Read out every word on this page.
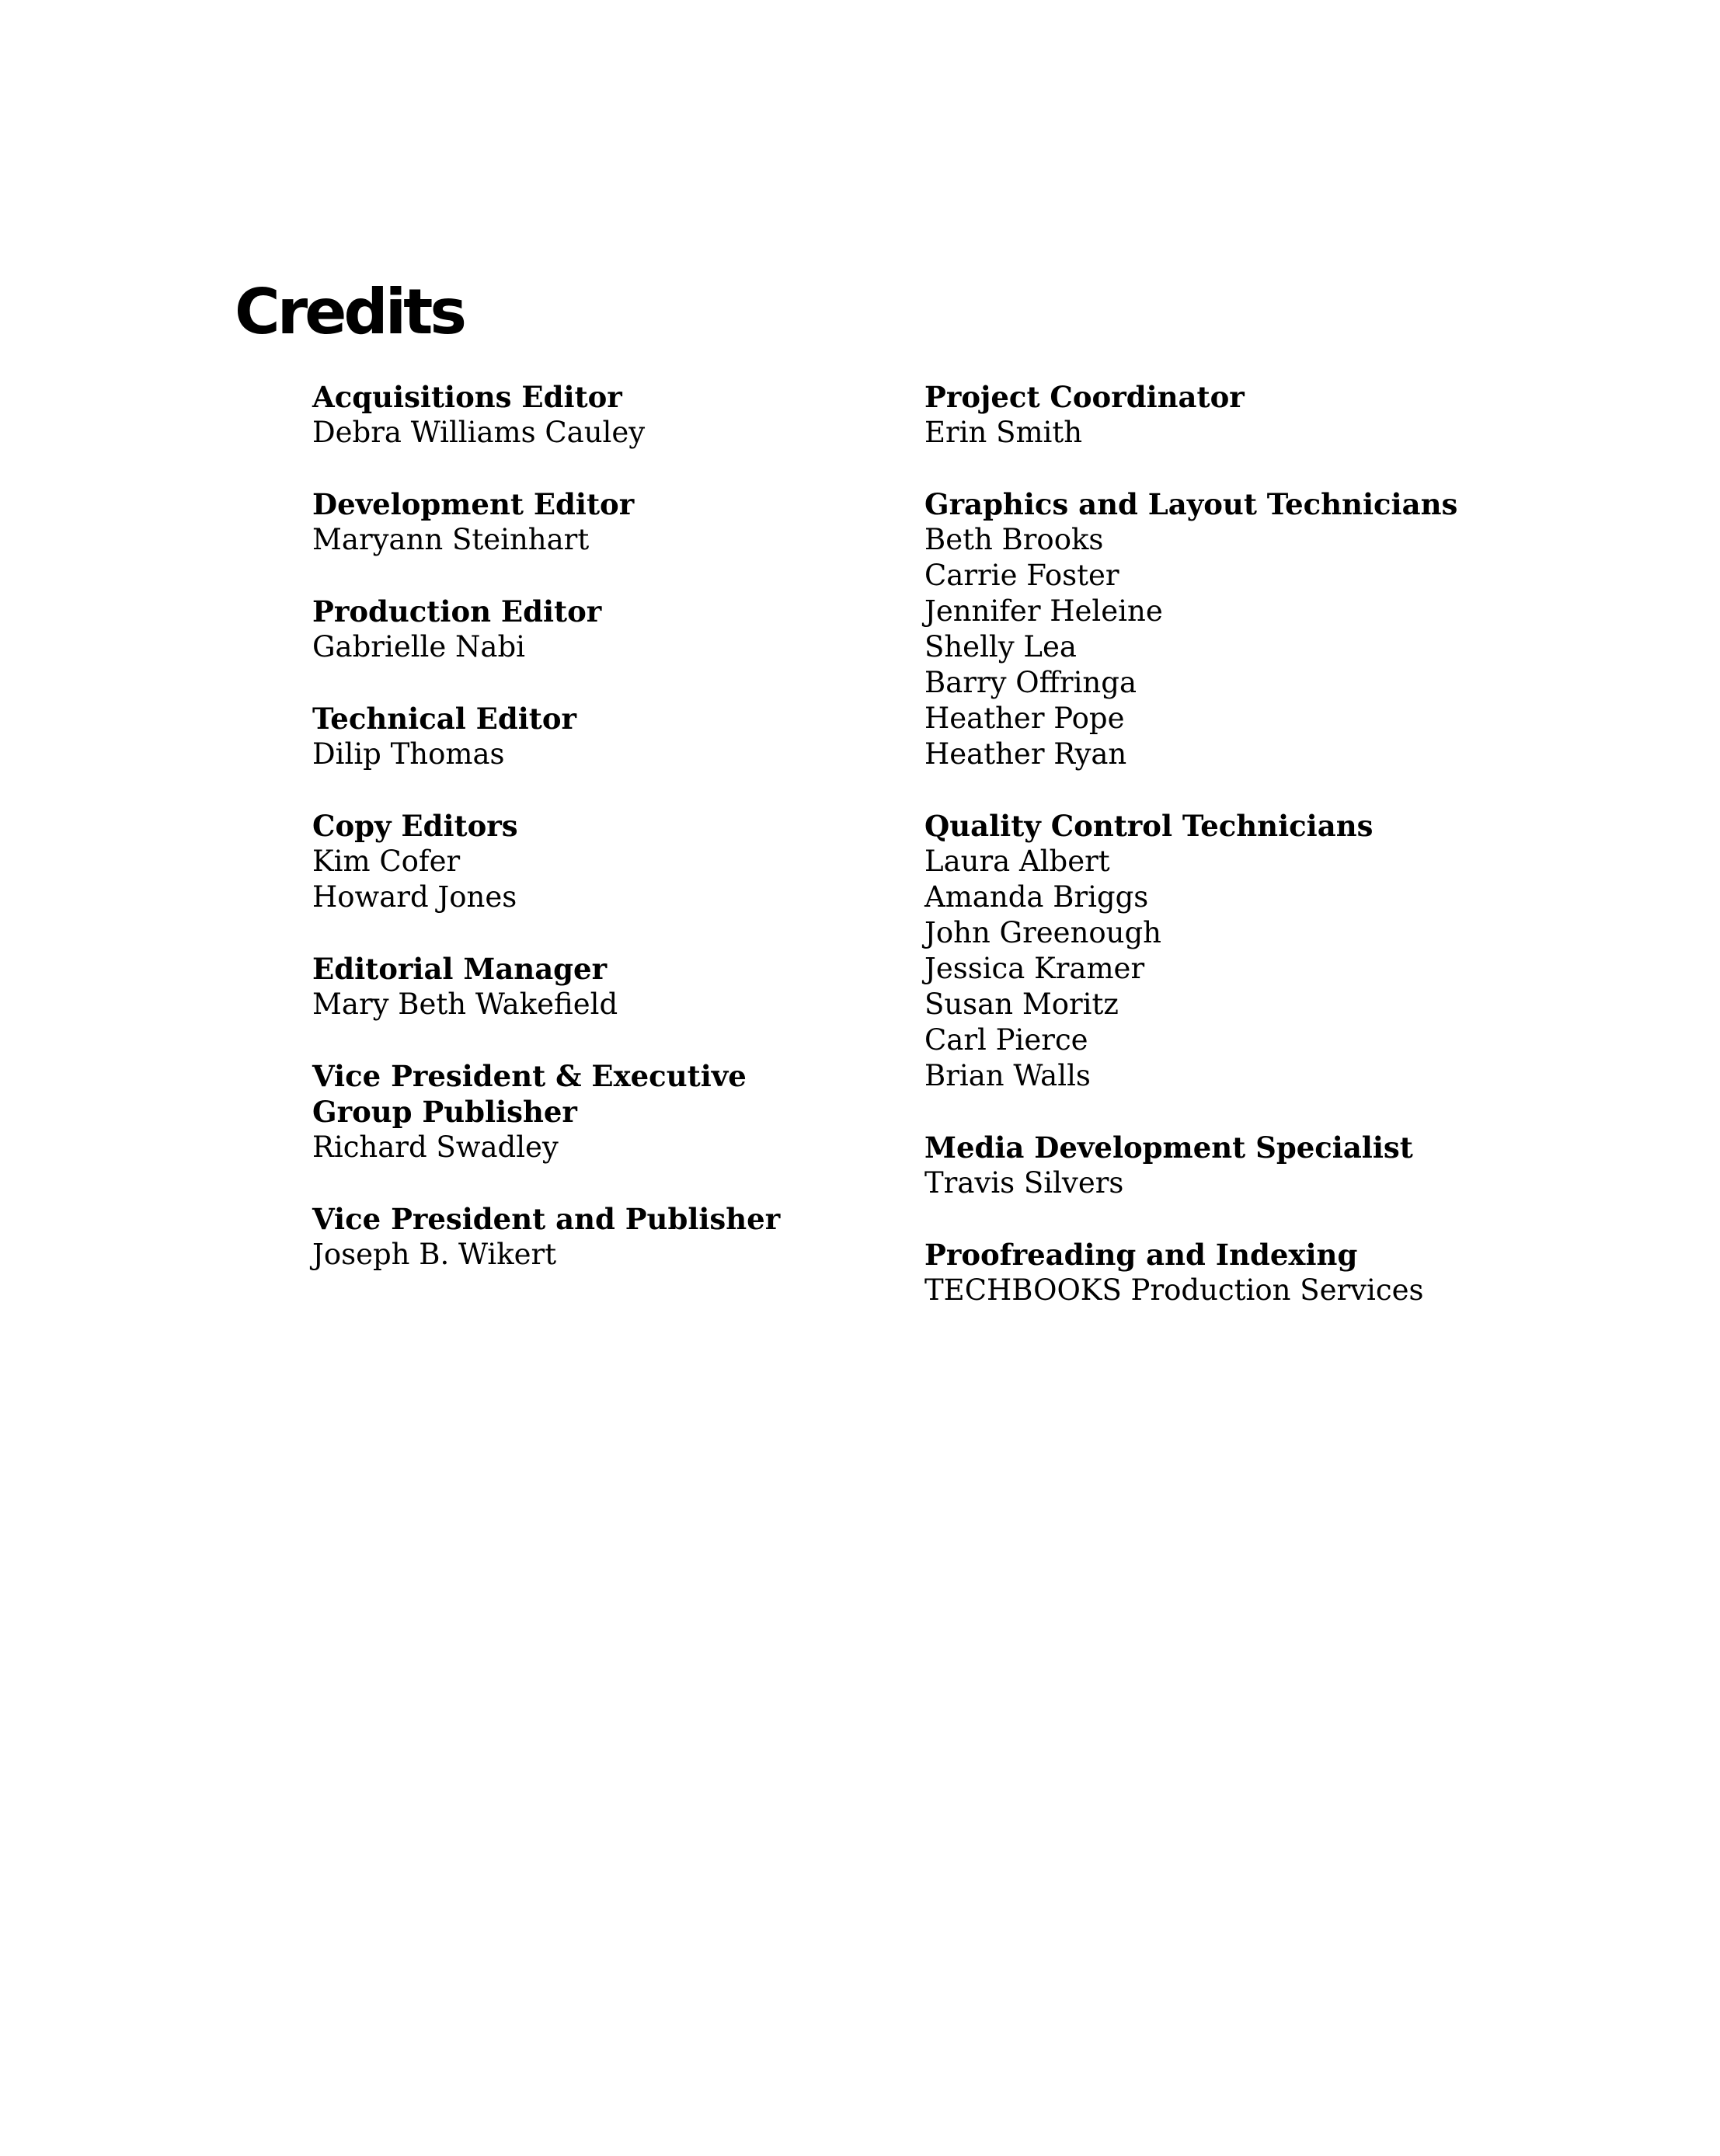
Credits

Acquisitions Editor

Debra Williams Cauley

Development Editor

Maryann Steinhart

Production Editor

Gabrielle Nabi

Technical Editor

Dilip Thomas

Copy Editors

Kim Cofer
Howard Jones

Editorial Manager

Mary Beth Wakefield

Vice President & Executive
Group Publisher

Richard Swadley

Vice President and Publisher

Joseph B. Wikert

Project Coordinator

Erin Smith

Graphics and Layout Technicians

Beth Brooks
Carrie Foster
Jennifer Heleine
Shelly Lea
Barry Offringa
Heather Pope
Heather Ryan

Quality Control Technicians

Laura Albert
Amanda Briggs
John Greenough
Jessica Kramer
Susan Moritz
Carl Pierce
Brian Walls

Media Development Specialist

Travis Silvers

Proofreading and Indexing

TECHBOOKS Production Services
